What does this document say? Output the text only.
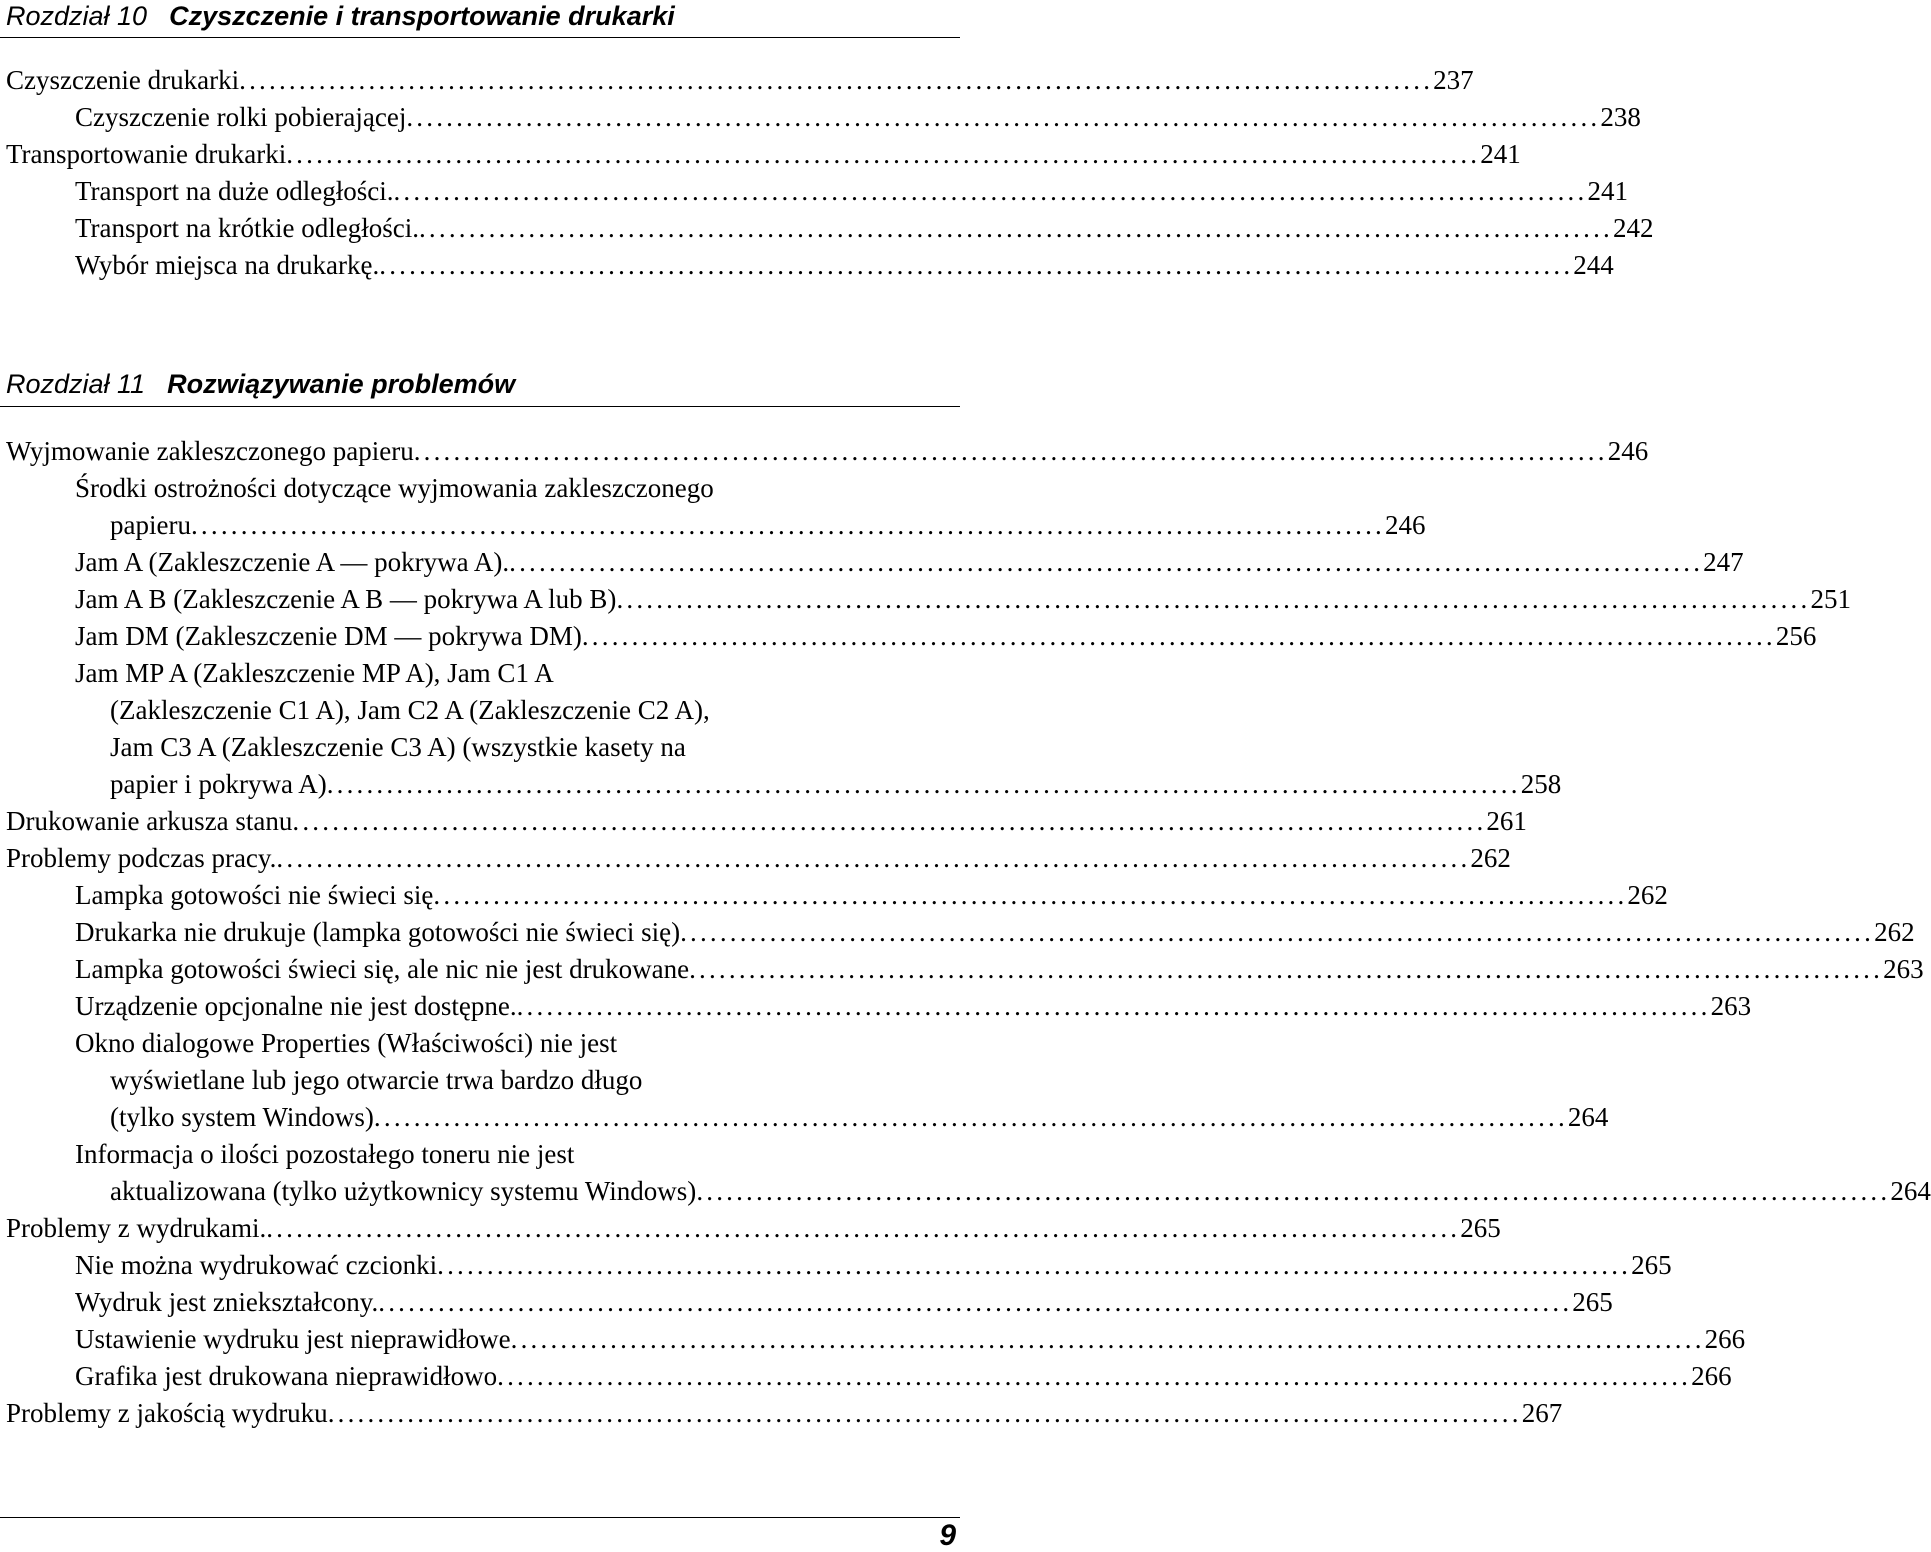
Rozdział 10 Czyszczenie i transportowanie drukarki
Czyszczenie drukarki ........................................................................................................................ 237
Czyszczenie rolki pobierającej ........................................................................................................................ 238
Transportowanie drukarki ........................................................................................................................ 241
Transport na duże odległości. ........................................................................................................................ 241
Transport na krótkie odległości. ........................................................................................................................ 242
Wybór miejsca na drukarkę. ........................................................................................................................ 244
Rozdział 11 Rozwiązywanie problemów
Wyjmowanie zakleszczonego papieru ........................................................................................................................ 246
Środki ostrożności dotyczące wyjmowania zakleszczonego
papieru ........................................................................................................................ 246
Jam A (Zakleszczenie A — pokrywa A). ........................................................................................................................ 247
Jam A B (Zakleszczenie A B — pokrywa A lub B) ........................................................................................................................ 251
Jam DM (Zakleszczenie DM — pokrywa DM) ........................................................................................................................ 256
Jam MP A (Zakleszczenie MP A), Jam C1 A
(Zakleszczenie C1 A), Jam C2 A (Zakleszczenie C2 A),
Jam C3 A (Zakleszczenie C3 A) (wszystkie kasety na
papier i pokrywa A) ........................................................................................................................ 258
Drukowanie arkusza stanu ........................................................................................................................ 261
Problemy podczas pracy. ........................................................................................................................ 262
Lampka gotowości nie świeci się ........................................................................................................................ 262
Drukarka nie drukuje (lampka gotowości nie świeci się) ........................................................................................................................ 262
Lampka gotowości świeci się, ale nic nie jest drukowane ........................................................................................................................ 263
Urządzenie opcjonalne nie jest dostępne. ........................................................................................................................ 263
Okno dialogowe Properties (Właściwości) nie jest
wyświetlane lub jego otwarcie trwa bardzo długo
(tylko system Windows) ........................................................................................................................ 264
Informacja o ilości pozostałego toneru nie jest
aktualizowana (tylko użytkownicy systemu Windows) ........................................................................................................................ 264
Problemy z wydrukami. ........................................................................................................................ 265
Nie można wydrukować czcionki ........................................................................................................................ 265
Wydruk jest zniekształcony. ........................................................................................................................ 265
Ustawienie wydruku jest nieprawidłowe ........................................................................................................................ 266
Grafika jest drukowana nieprawidłowo ........................................................................................................................ 266
Problemy z jakością wydruku ........................................................................................................................ 267
9
